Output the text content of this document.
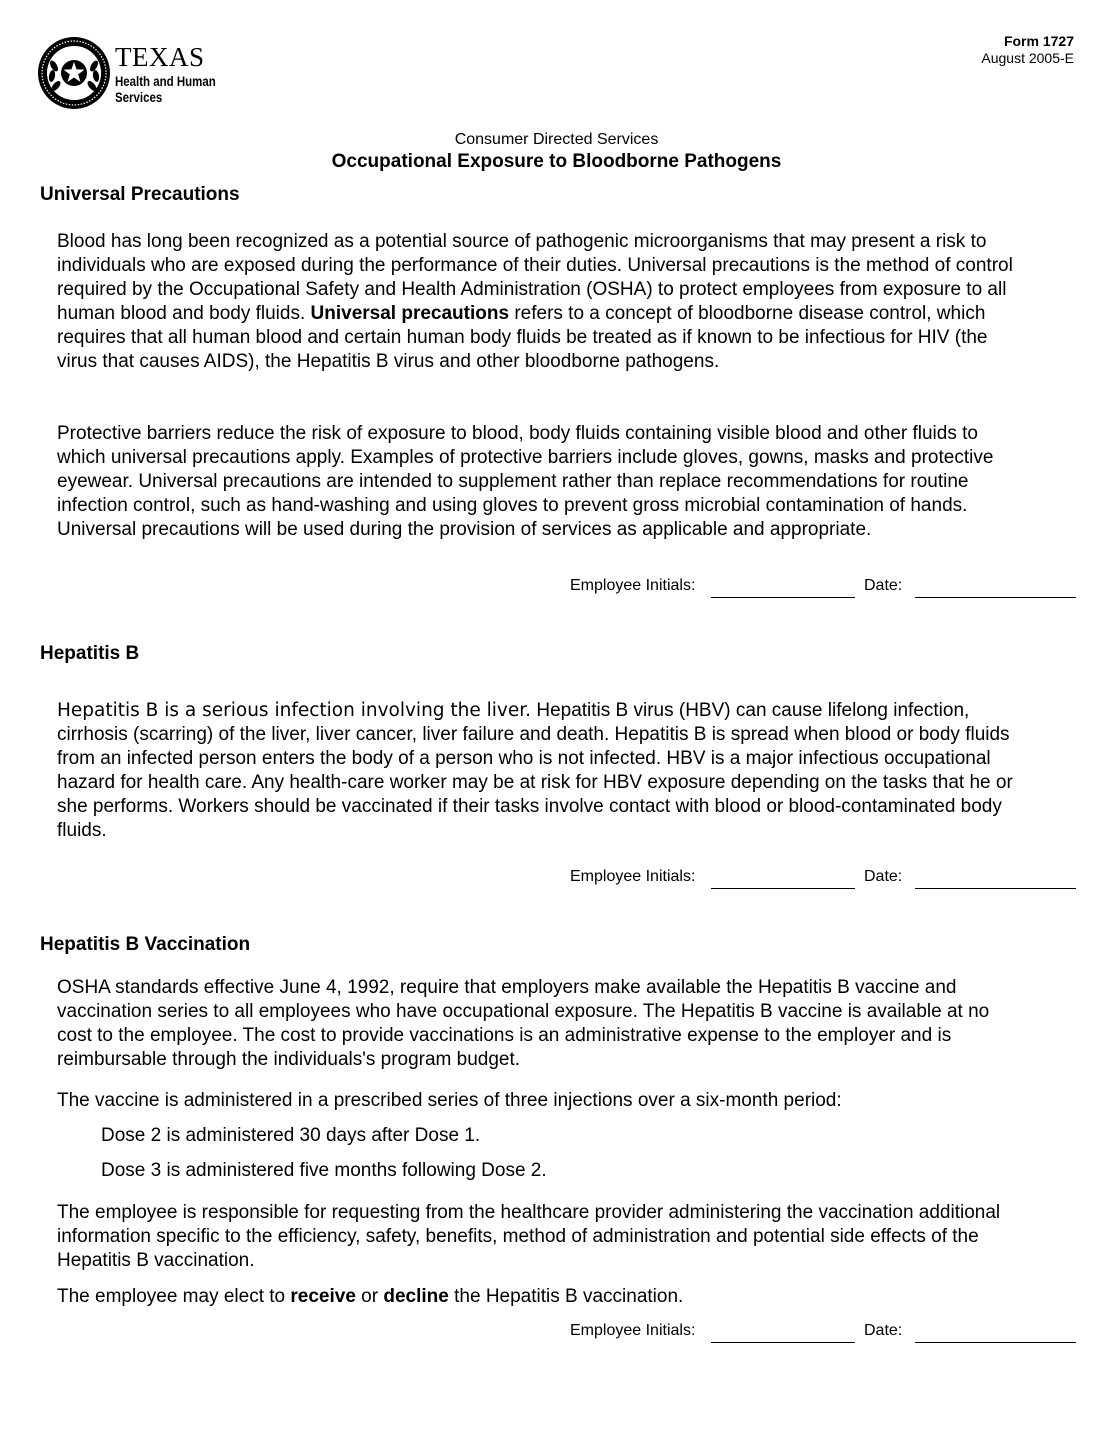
TEXAS
Health and Human
Services
Form 1727
August 2005-E
Consumer Directed Services
Occupational Exposure to Bloodborne Pathogens
Universal Precautions

Blood has long been recognized as a potential source of pathogenic microorganisms that may present a risk to individuals who are exposed during the performance of their duties. Universal precautions is the method of control required by the Occupational Safety and Health Administration (OSHA) to protect employees from exposure to all human blood and body fluids. Universal precautions refers to a concept of bloodborne disease control, which requires that all human blood and certain human body fluids be treated as if known to be infectious for HIV (the virus that causes AIDS), the Hepatitis B virus and other bloodborne pathogens.

Protective barriers reduce the risk of exposure to blood, body fluids containing visible blood and other fluids to which universal precautions apply. Examples of protective barriers include gloves, gowns, masks and protective eyewear. Universal precautions are intended to supplement rather than replace recommendations for routine infection control, such as hand-washing and using gloves to prevent gross microbial contamination of hands. Universal precautions will be used during the provision of services as applicable and appropriate.

Employee Initials:	Date:
Hepatitis B

Hepatitis B is a serious infection involving the liver. Hepatitis B virus (HBV) can cause lifelong infection, cirrhosis (scarring) of the liver, liver cancer, liver failure and death. Hepatitis B is spread when blood or body fluids from an infected person enters the body of a person who is not infected. HBV is a major infectious occupational hazard for health care. Any health-care worker may be at risk for HBV exposure depending on the tasks that he or she performs. Workers should be vaccinated if their tasks involve contact with blood or blood-contaminated body fluids.

Employee Initials:	Date:
Hepatitis B Vaccination

OSHA standards effective June 4, 1992, require that employers make available the Hepatitis B vaccine and vaccination series to all employees who have occupational exposure. The Hepatitis B vaccine is available at no cost to the employee. The cost to provide vaccinations is an administrative expense to the employer and is reimbursable through the individuals's program budget.

The vaccine is administered in a prescribed series of three injections over a six-month period:

Dose 2 is administered 30 days after Dose 1.

Dose 3 is administered five months following Dose 2.

The employee is responsible for requesting from the healthcare provider administering the vaccination additional information specific to the efficiency, safety, benefits, method of administration and potential side effects of the Hepatitis B vaccination.

The employee may elect to receive or decline the Hepatitis B vaccination.

Employee Initials:	Date:
